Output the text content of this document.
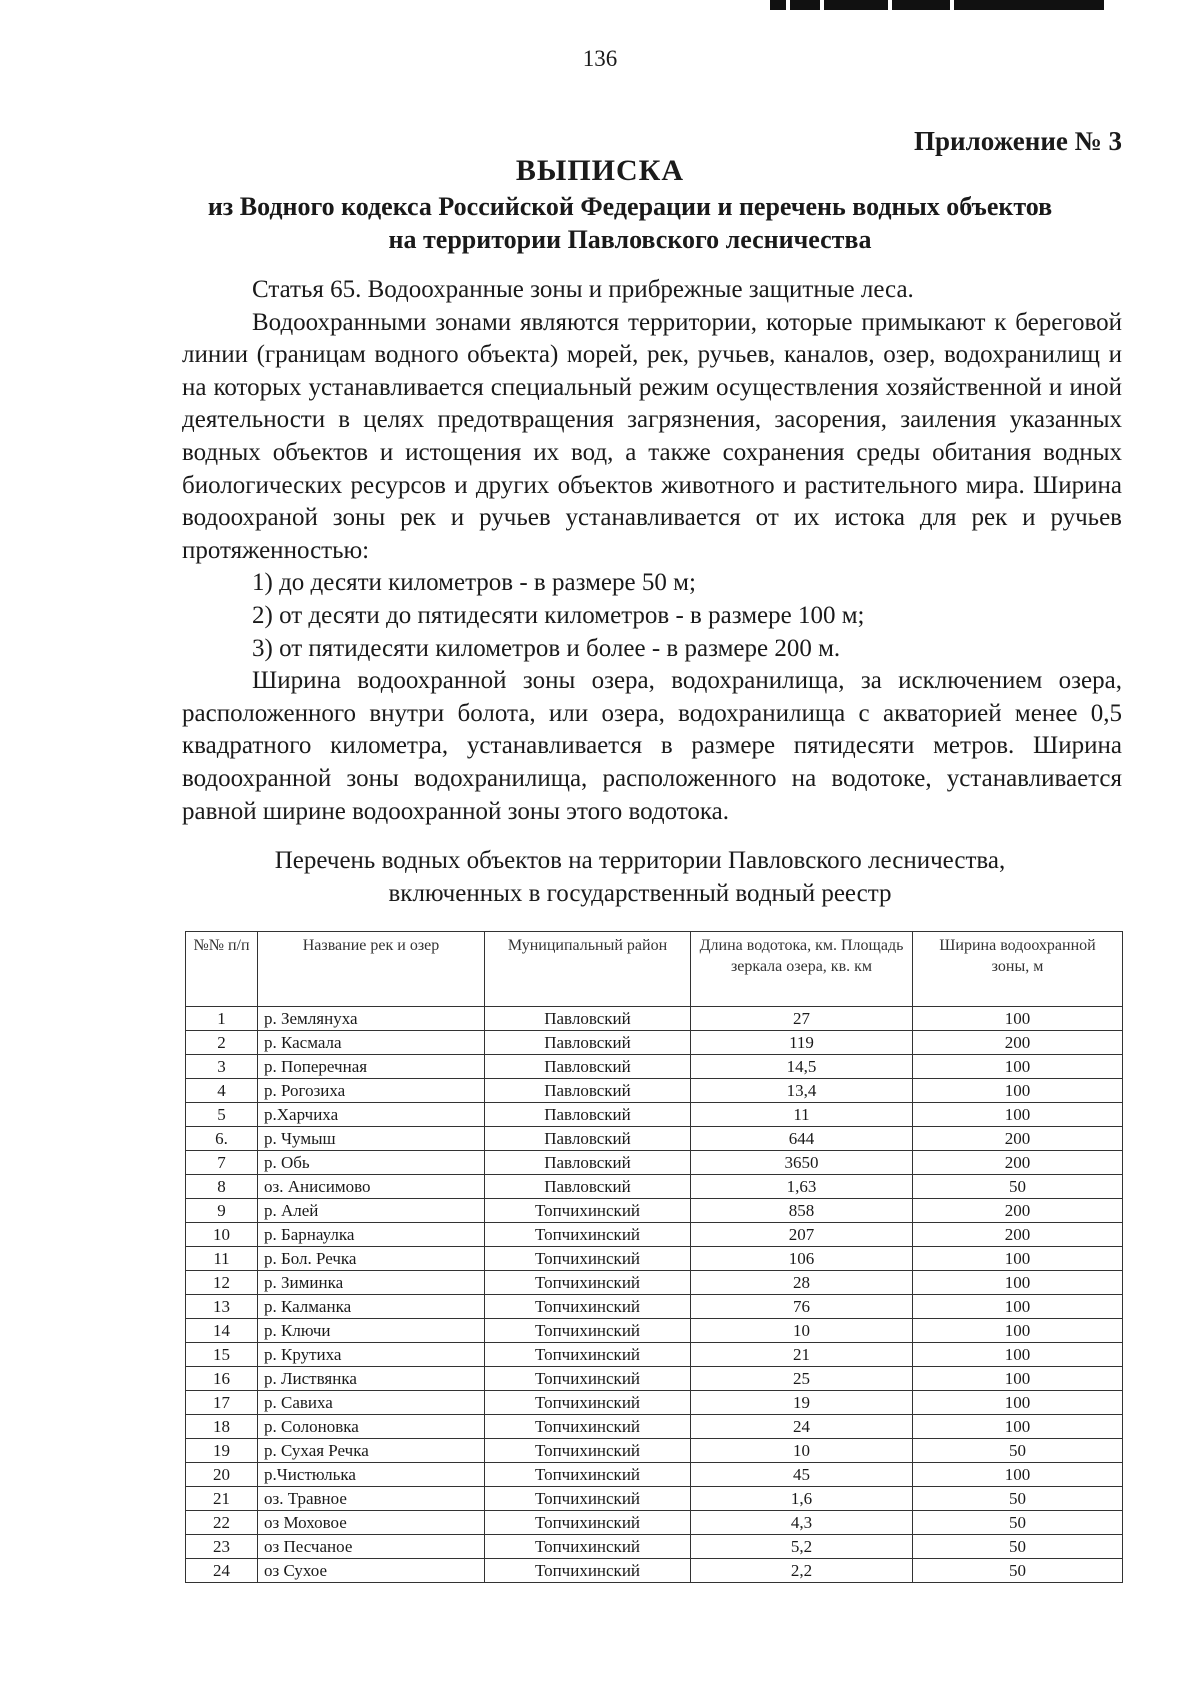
136
Приложение № 3
ВЫПИСКА
из Водного кодекса Российской Федерации и перечень водных объектов
на территории Павловского лесничества

Статья 65. Водоохранные зоны и прибрежные защитные леса.

Водоохранными зонами являются территории, которые примыкают к береговой линии (границам водного объекта) морей, рек, ручьев, каналов, озер, водохранилищ и на которых устанавливается специальный режим осуществления хозяйственной и иной деятельности в целях предотвращения загрязнения, засорения, заиления указанных водных объектов и истощения их вод, а также сохранения среды обитания водных биологических ресурсов и других объектов животного и растительного мира. Ширина водоохраной зоны рек и ручьев устанавливается от их истока для рек и ручьев протяженностью:

1) до десяти километров - в размере 50 м;

2) от десяти до пятидесяти километров - в размере 100 м;

3) от пятидесяти километров и более - в размере 200 м.

Ширина водоохранной зоны озера, водохранилища, за исключением озера, расположенного внутри болота, или озера, водохранилища с акваторией менее 0,5 квадратного километра, устанавливается в размере пятидесяти метров. Ширина водоохранной зоны водохранилища, расположенного на водотоке, устанавливается равной ширине водоохранной зоны этого водотока.

Перечень водных объектов на территории Павловского лесничества,
включенных в государственный водный реестр
№№ п/п	Название рек и озер	Муниципальный район	Длина водотока, км. Площадь зеркала озера, кв. км	Ширина водоохранной зоны, м
1	р. Землянуха	Павловский	27	100
2	р. Касмала	Павловский	119	200
3	р. Поперечная	Павловский	14,5	100
4	р. Рогозиха	Павловский	13,4	100
5	р.Харчиха	Павловский	11	100
6.	р. Чумыш	Павловский	644	200
7	р. Обь	Павловский	3650	200
8	оз. Анисимово	Павловский	1,63	50
9	р. Алей	Топчихинский	858	200
10	р. Барнаулка	Топчихинский	207	200
11	р. Бол. Речка	Топчихинский	106	100
12	р. Зиминка	Топчихинский	28	100
13	р. Калманка	Топчихинский	76	100
14	р. Ключи	Топчихинский	10	100
15	р. Крутиха	Топчихинский	21	100
16	р. Листвянка	Топчихинский	25	100
17	р. Савиха	Топчихинский	19	100
18	р. Солоновка	Топчихинский	24	100
19	р. Сухая Речка	Топчихинский	10	50
20	р.Чистюлька	Топчихинский	45	100
21	оз. Травное	Топчихинский	1,6	50
22	оз Моховое	Топчихинский	4,3	50
23	оз Песчаное	Топчихинский	5,2	50
24	оз Сухое	Топчихинский	2,2	50
